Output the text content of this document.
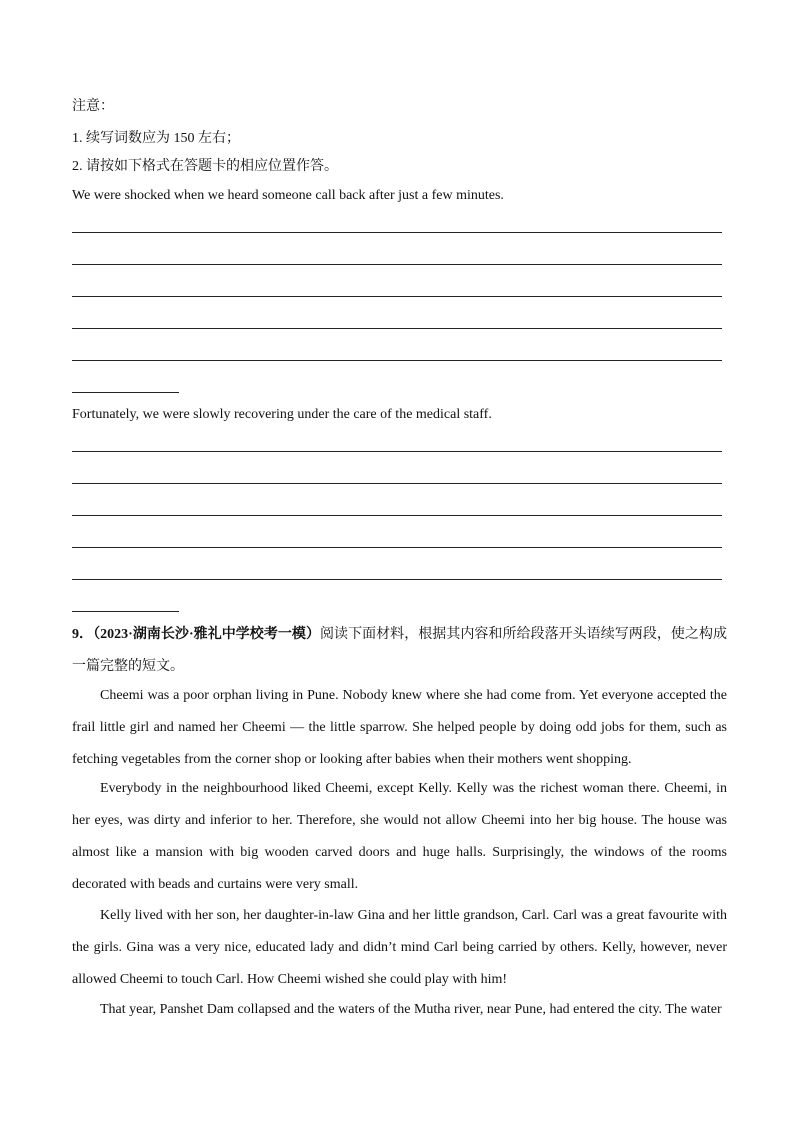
注意：
1. 续写词数应为 150 左右；
2. 请按如下格式在答题卡的相应位置作答。
We were shocked when we heard someone call back after just a few minutes.
Fortunately, we were slowly recovering under the care of the medical staff.
9．（2023·湖南长沙·雅礼中学校考一模）阅读下面材料，根据其内容和所给段落开头语续写两段，使之构成一篇完整的短文。
Cheemi was a poor orphan living in Pune. Nobody knew where she had come from. Yet everyone accepted the frail little girl and named her Cheemi — the little sparrow. She helped people by doing odd jobs for them, such as fetching vegetables from the corner shop or looking after babies when their mothers went shopping.
Everybody in the neighbourhood liked Cheemi, except Kelly. Kelly was the richest woman there. Cheemi, in her eyes, was dirty and inferior to her. Therefore, she would not allow Cheemi into her big house. The house was almost like a mansion with big wooden carved doors and huge halls. Surprisingly, the windows of the rooms decorated with beads and curtains were very small.
Kelly lived with her son, her daughter-in-law Gina and her little grandson, Carl. Carl was a great favourite with the girls. Gina was a very nice, educated lady and didn’t mind Carl being carried by others. Kelly, however, never allowed Cheemi to touch Carl. How Cheemi wished she could play with him!
That year, Panshet Dam collapsed and the waters of the Mutha river, near Pune, had entered the city. The water
